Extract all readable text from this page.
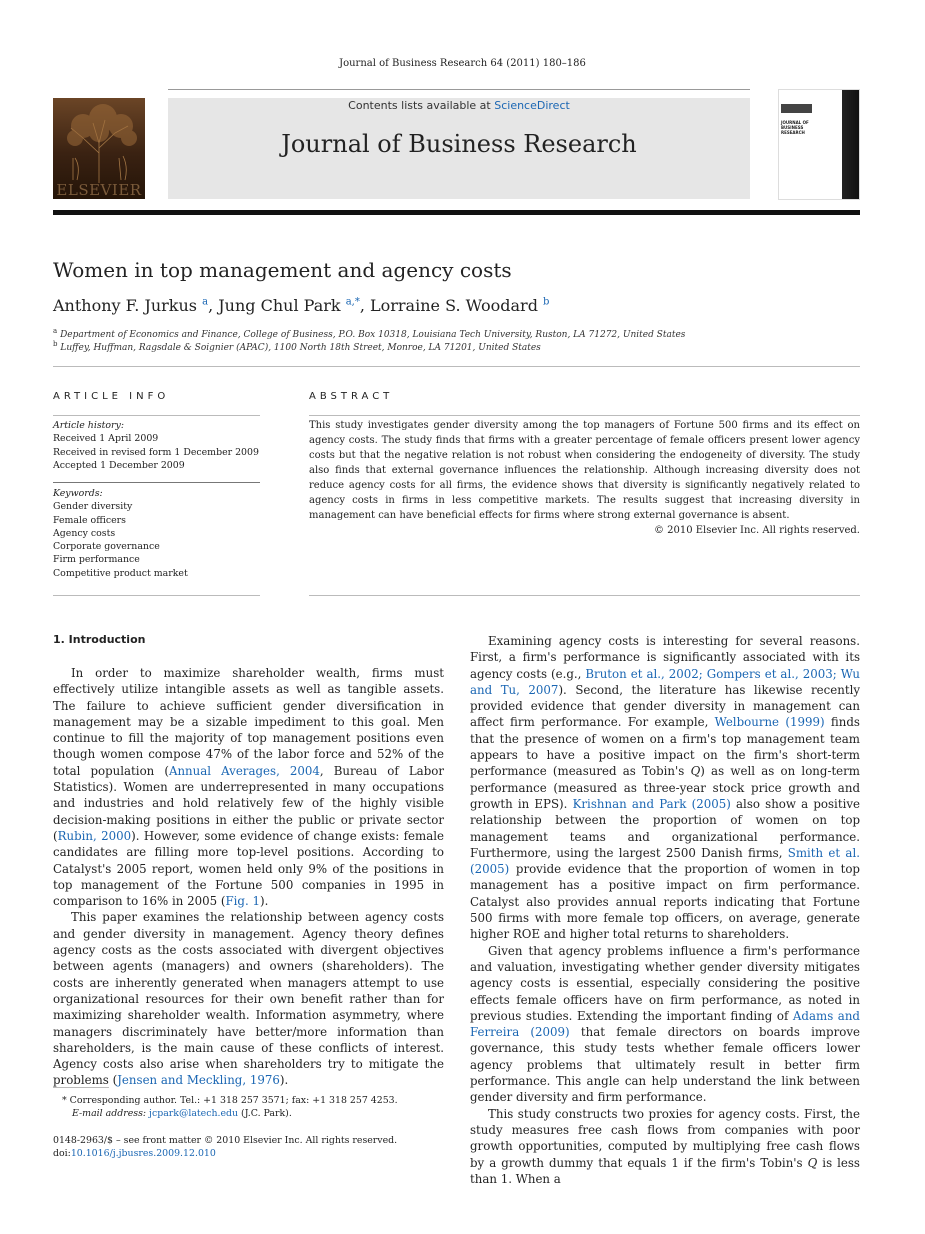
Journal of Business Research 64 (2011) 180–186
ELSEVIER
Contents lists available at ScienceDirect
Journal of Business Research
JOURNAL OF BUSINESS RESEARCH
Women in top management and agency costs
Anthony F. Jurkus $^a$, Jung Chul Park $^{a,*}$, Lorraine S. Woodard $^b$
$^a$ Department of Economics and Finance, College of Business, P.O. Box 10318, Louisiana Tech University, Ruston, LA 71272, United States
$^b$ Luffey, Huffman, Ragsdale & Soignier (APAC), 1100 North 18th Street, Monroe, LA 71201, United States
ARTICLE INFO
Article history:
Received 1 April 2009
Received in revised form 1 December 2009
Accepted 1 December 2009
Keywords:
Gender diversity
Female officers
Agency costs
Corporate governance
Firm performance
Competitive product market
ABSTRACT
This study investigates gender diversity among the top managers of Fortune 500 firms and its effect on agency costs. The study finds that firms with a greater percentage of female officers present lower agency costs but that the negative relation is not robust when considering the endogeneity of diversity. The study also finds that external governance influences the relationship. Although increasing diversity does not reduce agency costs for all firms, the evidence shows that diversity is significantly negatively related to agency costs in firms in less competitive markets. The results suggest that increasing diversity in management can have beneficial effects for firms where strong external governance is absent.
© 2010 Elsevier Inc. All rights reserved.
1. Introduction

In order to maximize shareholder wealth, firms must effectively utilize intangible assets as well as tangible assets. The failure to achieve sufficient gender diversification in management may be a sizable impediment to this goal. Men continue to fill the majority of top management positions even though women compose 47% of the labor force and 52% of the total population (Annual Averages, 2004, Bureau of Labor Statistics). Women are underrepresented in many occupations and industries and hold relatively few of the highly visible decision-making positions in either the public or private sector (Rubin, 2000). However, some evidence of change exists: female candidates are filling more top-level positions. According to Catalyst's 2005 report, women held only 9% of the positions in top management of the Fortune 500 companies in 1995 in comparison to 16% in 2005 (Fig. 1).

This paper examines the relationship between agency costs and gender diversity in management. Agency theory defines agency costs as the costs associated with divergent objectives between agents (managers) and owners (shareholders). The costs are inherently generated when managers attempt to use organizational resources for their own benefit rather than for maximizing shareholder wealth. Information asymmetry, where managers discriminately have better/more information than shareholders, is the main cause of these conflicts of interest. Agency costs also arise when shareholders try to mitigate the problems (Jensen and Meckling, 1976).

Examining agency costs is interesting for several reasons. First, a firm's performance is significantly associated with its agency costs (e.g., Bruton et al., 2002; Gompers et al., 2003; Wu and Tu, 2007). Second, the literature has likewise recently provided evidence that gender diversity in management can affect firm performance. For example, Welbourne (1999) finds that the presence of women on a firm's top management team appears to have a positive impact on the firm's short-term performance (measured as Tobin's Q) as well as on long-term performance (measured as three-year stock price growth and growth in EPS). Krishnan and Park (2005) also show a positive relationship between the proportion of women on top management teams and organizational performance. Furthermore, using the largest 2500 Danish firms, Smith et al. (2005) provide evidence that the proportion of women in top management has a positive impact on firm performance. Catalyst also provides annual reports indicating that Fortune 500 firms with more female top officers, on average, generate higher ROE and higher total returns to shareholders.

Given that agency problems influence a firm's performance and valuation, investigating whether gender diversity mitigates agency costs is essential, especially considering the positive effects female officers have on firm performance, as noted in previous studies. Extending the important finding of Adams and Ferreira (2009) that female directors on boards improve governance, this study tests whether female officers lower agency problems that ultimately result in better firm performance. This angle can help understand the link between gender diversity and firm performance.

This study constructs two proxies for agency costs. First, the study measures free cash flows from companies with poor growth opportunities, computed by multiplying free cash flows by a growth dummy that equals 1 if the firm's Tobin's Q is less than 1. When a

* Corresponding author. Tel.: +1 318 257 3571; fax: +1 318 257 4253.
E-mail address: jcpark@latech.edu (J.C. Park).
0148-2963/$ – see front matter © 2010 Elsevier Inc. All rights reserved.
doi:10.1016/j.jbusres.2009.12.010
